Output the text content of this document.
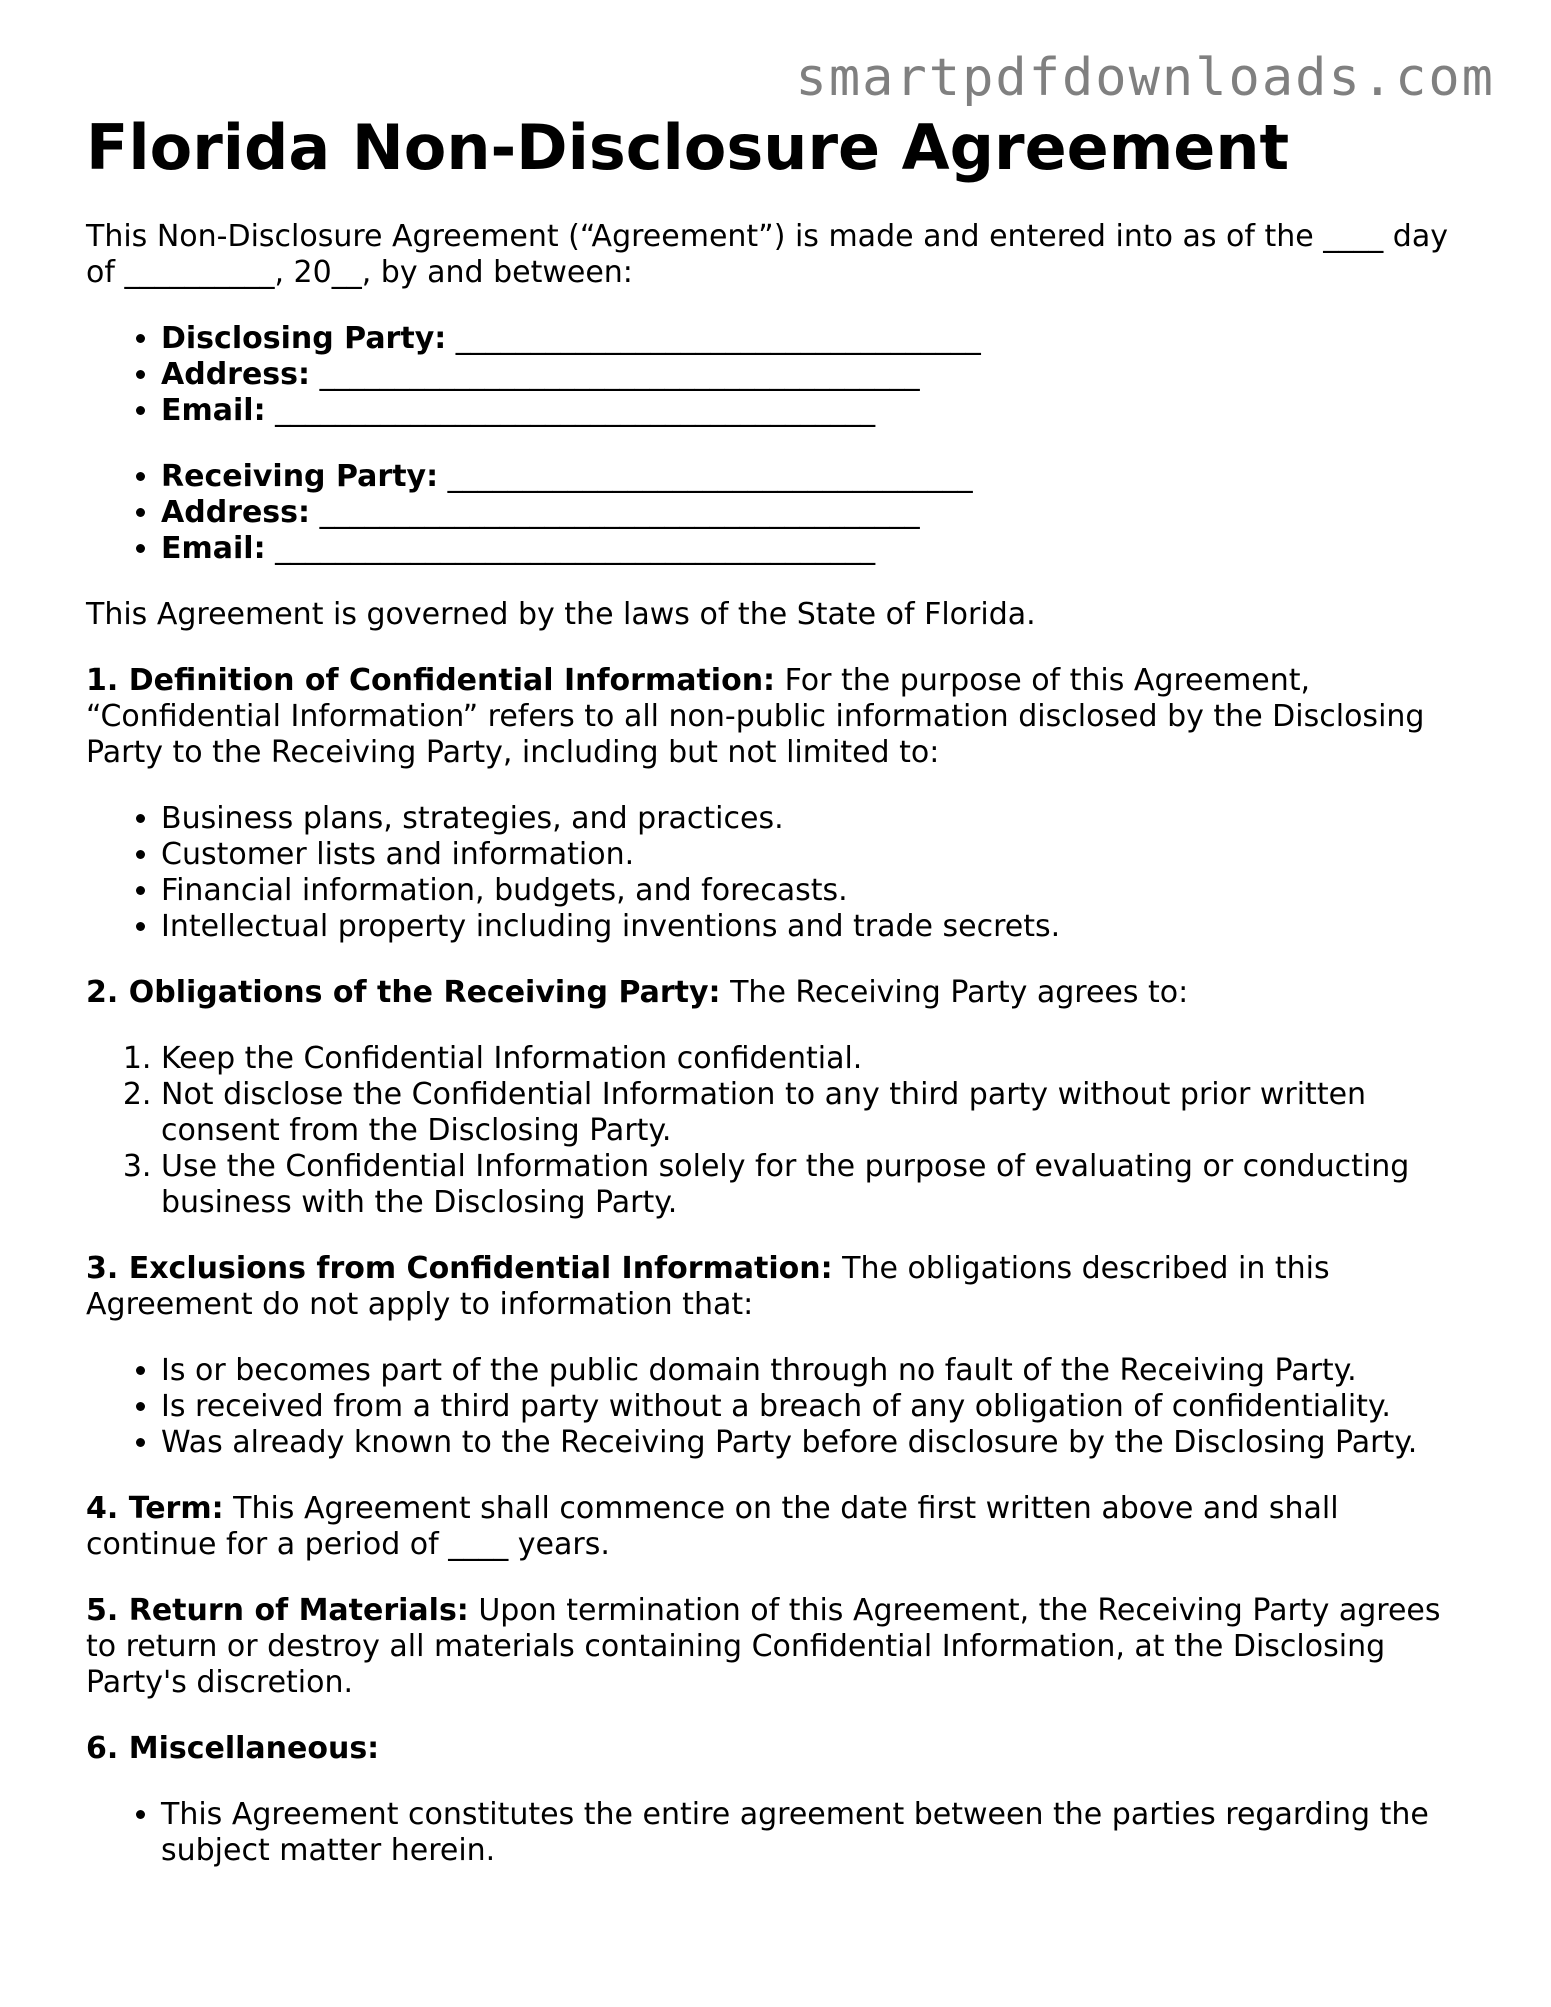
smartpdfdownloads.com
Florida Non-Disclosure Agreement

This Non-Disclosure Agreement (“Agreement”) is made and entered into as of the ____ day of __________, 20__, by and between:

• Disclosing Party: ___________________________________
• Address: ________________________________________
• Email: ________________________________________
• Receiving Party: ___________________________________
• Address: ________________________________________
• Email: ________________________________________

This Agreement is governed by the laws of the State of Florida.

1. Definition of Confidential Information: For the purpose of this Agreement, “Confidential Information” refers to all non-public information disclosed by the Disclosing Party to the Receiving Party, including but not limited to:

• Business plans, strategies, and practices.
• Customer lists and information.
• Financial information, budgets, and forecasts.
• Intellectual property including inventions and trade secrets.

2. Obligations of the Receiving Party: The Receiving Party agrees to:

1. Keep the Confidential Information confidential.
2. Not disclose the Confidential Information to any third party without prior written consent from the Disclosing Party.
3. Use the Confidential Information solely for the purpose of evaluating or conducting business with the Disclosing Party.

3. Exclusions from Confidential Information: The obligations described in this Agreement do not apply to information that:

• Is or becomes part of the public domain through no fault of the Receiving Party.
• Is received from a third party without a breach of any obligation of confidentiality.
• Was already known to the Receiving Party before disclosure by the Disclosing Party.

4. Term: This Agreement shall commence on the date first written above and shall continue for a period of ____ years.

5. Return of Materials: Upon termination of this Agreement, the Receiving Party agrees to return or destroy all materials containing Confidential Information, at the Disclosing Party's discretion.

6. Miscellaneous:

• This Agreement constitutes the entire agreement between the parties regarding the subject matter herein.
